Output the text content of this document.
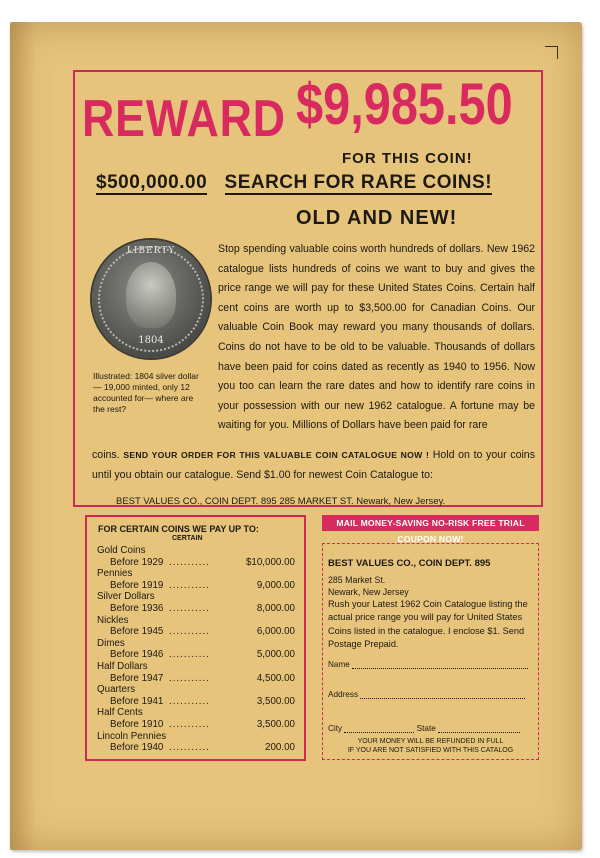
REWARD $9,985.50
FOR THIS COIN!
$500,000.00 SEARCH FOR RARE COINS!
OLD AND NEW!
LIBERTY
1804
Illustrated: 1804 silver dollar — 19,000 minted, only 12 accounted for— where are the rest?
Stop spending valuable coins worth hundreds of dollars. New 1962 catalogue lists hundreds of coins we want to buy and gives the price range we will pay for these United States Coins. Certain half cent coins are worth up to $3,500.00 for Canadian Coins. Our valuable Coin Book may reward you many thousands of dollars. Coins do not have to be old to be valuable. Thousands of dollars have been paid for coins dated as recently as 1940 to 1956. Now you too can learn the rare dates and how to identify rare coins in your possession with our new 1962 catalogue. A fortune may be waiting for you. Millions of Dollars have been paid for rare
coins. SEND YOUR ORDER FOR THIS VALUABLE COIN CATALOGUE NOW ! Hold on to your coins until you obtain our catalogue. Send $1.00 for newest Coin Catalogue to:
BEST VALUES CO., COIN DEPT. 895 285 MARKET ST. Newark, New Jersey.
MAIL MONEY-SAVING NO-RISK FREE TRIAL COUPON NOW!
FOR CERTAIN COINS WE PAY UP TO:
CERTAIN
Gold Coins
Before 1929 ...........	$10,000.00
Pennies
Before 1919 ...........	9,000.00
Silver Dollars
Before 1936 ...........	8,000.00
Nickles
Before 1945 ...........	6,000.00
Dimes
Before 1946 ...........	5,000.00
Half Dollars
Before 1947 ...........	4,500.00
Quarters
Before 1941 ...........	3,500.00
Half Cents
Before 1910 ...........	3,500.00
Lincoln Pennies
Before 1940 ...........	200.00
BEST VALUES CO., COIN DEPT. 895
285 Market St.
Newark, New Jersey
Rush your Latest 1962 Coin Catalogue listing the actual price range you will pay for United States Coins listed in the catalogue. I enclose $1. Send Postage Prepaid.
Name
Address
City	State
YOUR MONEY WILL BE REFUNDED IN FULL
IF YOU ARE NOT SATISFIED WITH THIS CATALOG
